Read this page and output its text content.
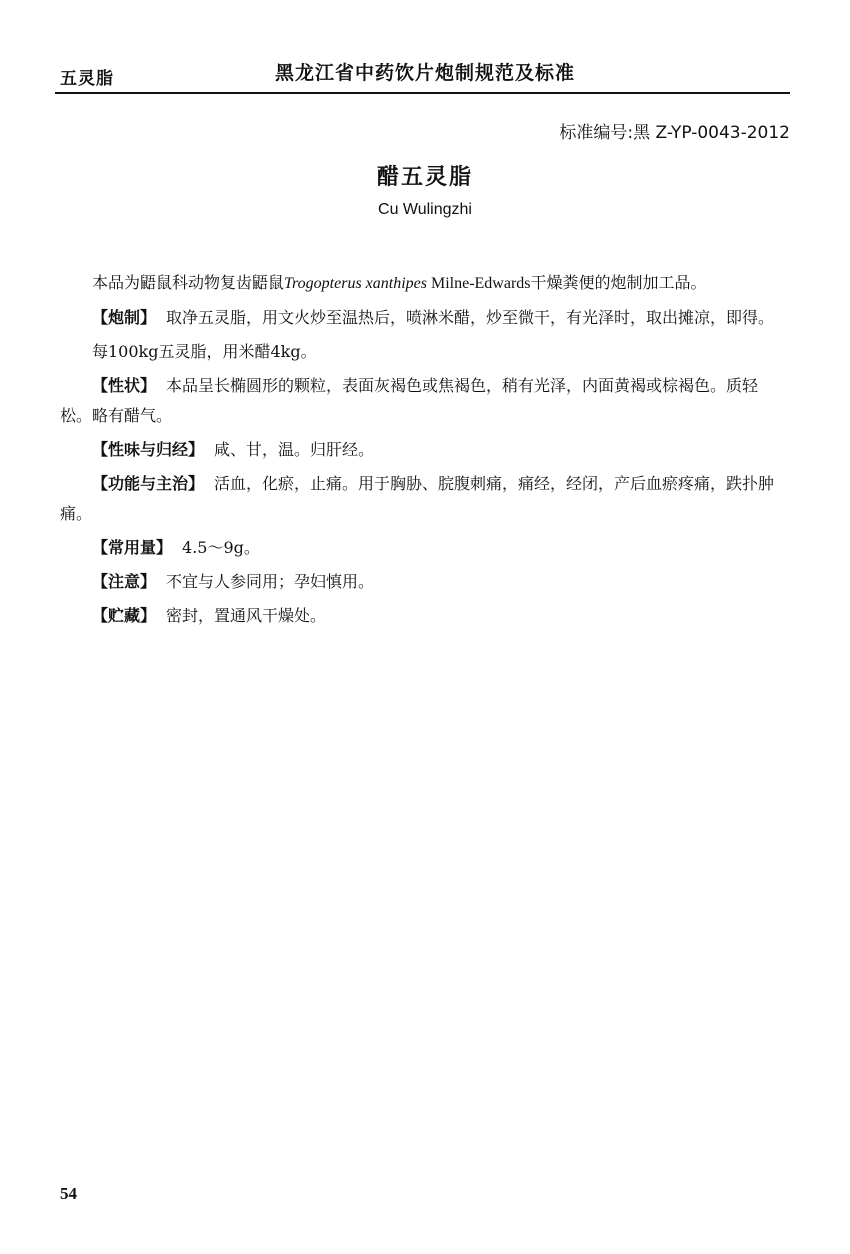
五灵脂	黑龙江省中药饮片炮制规范及标准
标准编号:黑 Z-YP-0043-2012
醋五灵脂
Cu Wulingzhi

本品为鼯鼠科动物复齿鼯鼠Trogopterus xanthipes Milne-Edwards干燥粪便的炮制加工品。

【炮制】 取净五灵脂，用文火炒至温热后，喷淋米醋，炒至微干，有光泽时，取出摊凉，即得。

每100kg五灵脂，用米醋4kg。

【性状】 本品呈长椭圆形的颗粒，表面灰褐色或焦褐色，稍有光泽，内面黄褐或棕褐色。质轻松。略有醋气。

【性味与归经】 咸、甘，温。归肝经。

【功能与主治】 活血，化瘀，止痛。用于胸胁、脘腹刺痛，痛经，经闭，产后血瘀疼痛，跌扑肿痛。

【常用量】 4.5～9g。

【注意】 不宜与人参同用；孕妇慎用。

【贮藏】 密封，置通风干燥处。

54
